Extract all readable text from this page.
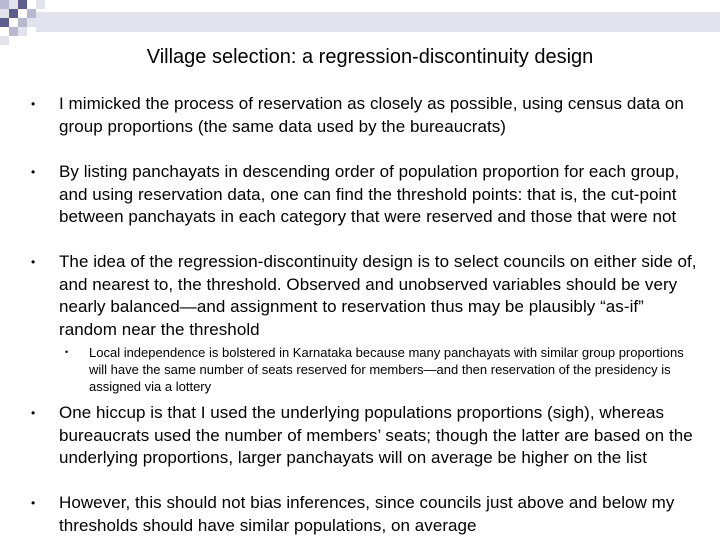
Village selection: a regression-discontinuity design
• I mimicked the process of reservation as closely as possible, using census data on group proportions (the same data used by the bureaucrats)
• By listing panchayats in descending order of population proportion for each group, and using reservation data, one can find the threshold points: that is, the cut-point between panchayats in each category that were reserved and those that were not
• The idea of the regression-discontinuity design is to select councils on either side of, and nearest to, the threshold. Observed and unobserved variables should be very nearly balanced—and assignment to reservation thus may be plausibly “as-if” random near the threshold
• Local independence is bolstered in Karnataka because many panchayats with similar group proportions will have the same number of seats reserved for members—and then reservation of the presidency is assigned via a lottery
• One hiccup is that I used the underlying populations proportions (sigh), whereas bureaucrats used the number of members’ seats; though the latter are based on the underlying proportions, larger panchayats will on average be higher on the list
• However, this should not bias inferences, since councils just above and below my thresholds should have similar populations, on average
